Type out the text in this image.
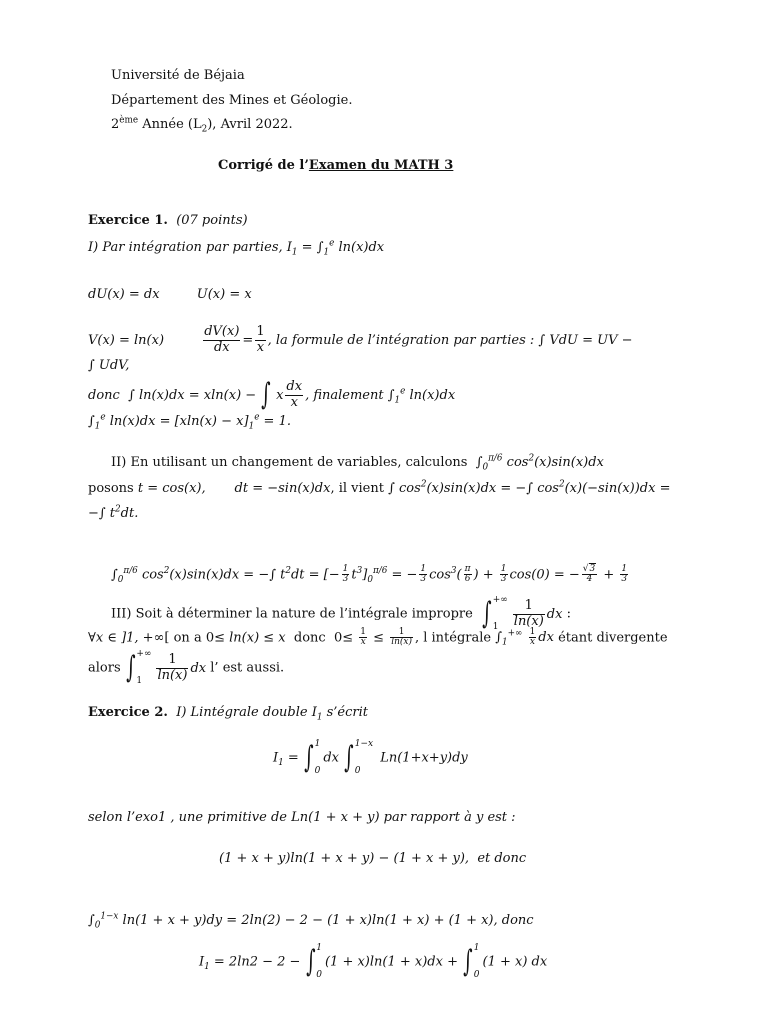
Université de Béjaia
Département des Mines et Géologie.
2ème Année $(L_2)$, Avril 2022.
Corrigé de l’Examen du MATH 3
Exercice 1. (07 points)
I) Par intégration par parties, $I_1 = \int_1^e$ ln(x)dx
dU(x) = dx         U(x) = x
$V(x) = \ln(x) \frac{dV(x)}{dx} = \frac{1}{x}$ , la formule de l’intégration par parties : ∫ VdU = UV −
∫ UdV,
donc  ∫ ln(x)dx = xln(x) − ∫ x $\frac{dx}{x}$ , finalement $\int_1^e$ ln(x)dx
$\int_1^e$ $\ln(x)dx = [xln(x) - x]_1^e = 1$.
II) En utilisant un changement de variables, calculons $\int_0^{\pi/6}$ $\cos^2(x)\sin(x)dx$
posons t = cos(x),       dt = −sin(x)dx, il vient ∫ $\cos^2(x)\sin(x)dx$ = −∫ $\cos^2(x)(-\sin(x))dx$ =
−∫ $t^2dt$.
$\int_0^{\pi/6}$ $\cos^2(x)\sin(x)dx$ = −∫ $t^2dt$ = [− $\frac{1}{3} t^3]_0^{\pi/6}$ = − $\frac{1}{3} \cos^3( \frac{\pi}{6}$ ) + $\frac{1}{3} \cos(0)$ = − $\frac{√3}{4} + \frac{1}{3}$
III) Soit à déterminer la nature de l’intégrale impropre ∫ +∞
1	$\frac{1}{\ln(x)}$ dx :
∀x ∈ ]1, +∞[ on a 0≤ ln(x) ≤ x donc  $0\le \frac{1}{x} \le \frac{1}{\ln(x)}$ , l intégrale $\int_1^{+\infty} \frac{1}{x}$ dx étant divergente
alors ∫ +∞
1	$\frac{1}{\ln(x)}$ dx l’ est aussi.
Exercice 2. I) Lintégrale double $I_1$ s’écrit
$I_1$ = ∫ 1
0
dx ∫ 1−x
0
Ln(1+x+y)dy
selon l’exo1 , une primitive de Ln(1 + x + y) par rapport à y est :
(1 + x + y)ln(1 + x + y) − (1 + x + y),  et donc
$\int_0^{1-x}$ ln(1 + x + y)dy = 2ln(2) − 2 − (1 + x)ln(1 + x) + (1 + x), donc
$I_1 = 2\ln 2 - 2$ − ∫ 1
0
(1 + x)ln(1 + x)dx + ∫ 1
0
(1 + x) dx
